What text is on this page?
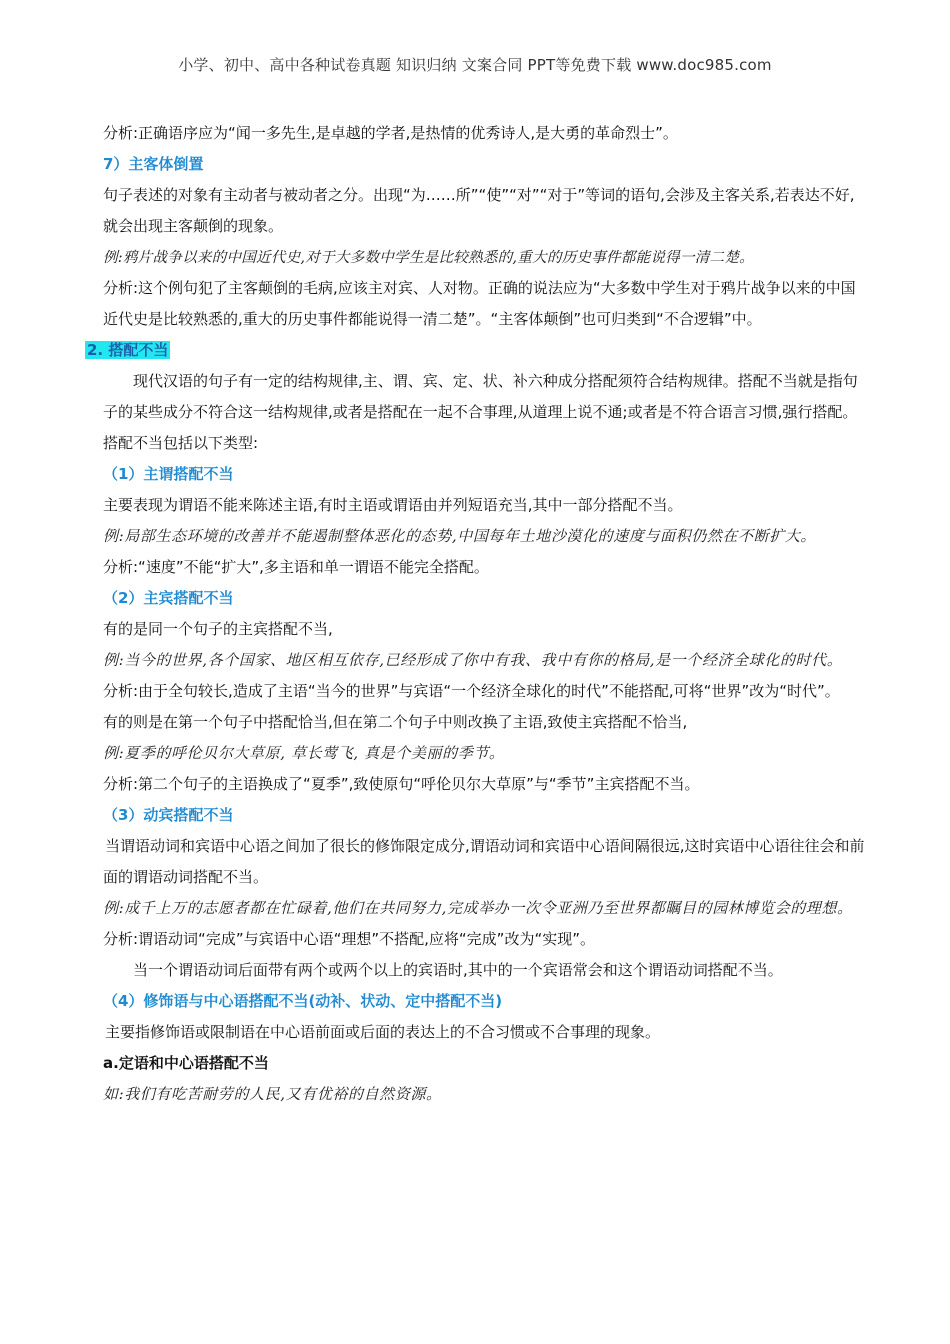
小学、初中、高中各种试卷真题 知识归纳 文案合同 PPT等免费下载 www.doc985.com

分析:正确语序应为“闻一多先生,是卓越的学者,是热情的优秀诗人,是大勇的革命烈士”。

7）主客体倒置

句子表述的对象有主动者与被动者之分。出现“为……所”“使”“对”“对于”等词的语句,会涉及主客关系,若表达不好,就会出现主客颠倒的现象。

例:鸦片战争以来的中国近代史,对于大多数中学生是比较熟悉的,重大的历史事件都能说得一清二楚。

分析:这个例句犯了主客颠倒的毛病,应该主对宾、人对物。正确的说法应为“大多数中学生对于鸦片战争以来的中国近代史是比较熟悉的,重大的历史事件都能说得一清二楚”。“主客体颠倒”也可归类到“不合逻辑”中。

2. 搭配不当

现代汉语的句子有一定的结构规律,主、谓、宾、定、状、补六种成分搭配须符合结构规律。搭配不当就是指句子的某些成分不符合这一结构规律,或者是搭配在一起不合事理,从道理上说不通;或者是不符合语言习惯,强行搭配。搭配不当包括以下类型:

（1）主谓搭配不当

主要表现为谓语不能来陈述主语,有时主语或谓语由并列短语充当,其中一部分搭配不当。

例:局部生态环境的改善并不能遏制整体恶化的态势,中国每年土地沙漠化的速度与面积仍然在不断扩大。

分析:“速度”不能“扩大”,多主语和单一谓语不能完全搭配。

（2）主宾搭配不当

有的是同一个句子的主宾搭配不当,

例:当今的世界,各个国家、地区相互依存,已经形成了你中有我、我中有你的格局,是一个经济全球化的时代。

分析:由于全句较长,造成了主语“当今的世界”与宾语“一个经济全球化的时代”不能搭配,可将“世界”改为“时代”。

有的则是在第一个句子中搭配恰当,但在第二个句子中则改换了主语,致使主宾搭配不恰当,

例:夏季的呼伦贝尔大草原, 草长莺飞, 真是个美丽的季节。

分析:第二个句子的主语换成了“夏季”,致使原句“呼伦贝尔大草原”与“季节”主宾搭配不当。

（3）动宾搭配不当

当谓语动词和宾语中心语之间加了很长的修饰限定成分,谓语动词和宾语中心语间隔很远,这时宾语中心语往往会和前面的谓语动词搭配不当。

例:成千上万的志愿者都在忙碌着,他们在共同努力,完成举办一次令亚洲乃至世界都瞩目的园林博览会的理想。

分析:谓语动词“完成”与宾语中心语“理想”不搭配,应将“完成”改为“实现”。

当一个谓语动词后面带有两个或两个以上的宾语时,其中的一个宾语常会和这个谓语动词搭配不当。

（4）修饰语与中心语搭配不当(动补、状动、定中搭配不当)

主要指修饰语或限制语在中心语前面或后面的表达上的不合习惯或不合事理的现象。

a.定语和中心语搭配不当

如:我们有吃苦耐劳的人民,又有优裕的自然资源。
